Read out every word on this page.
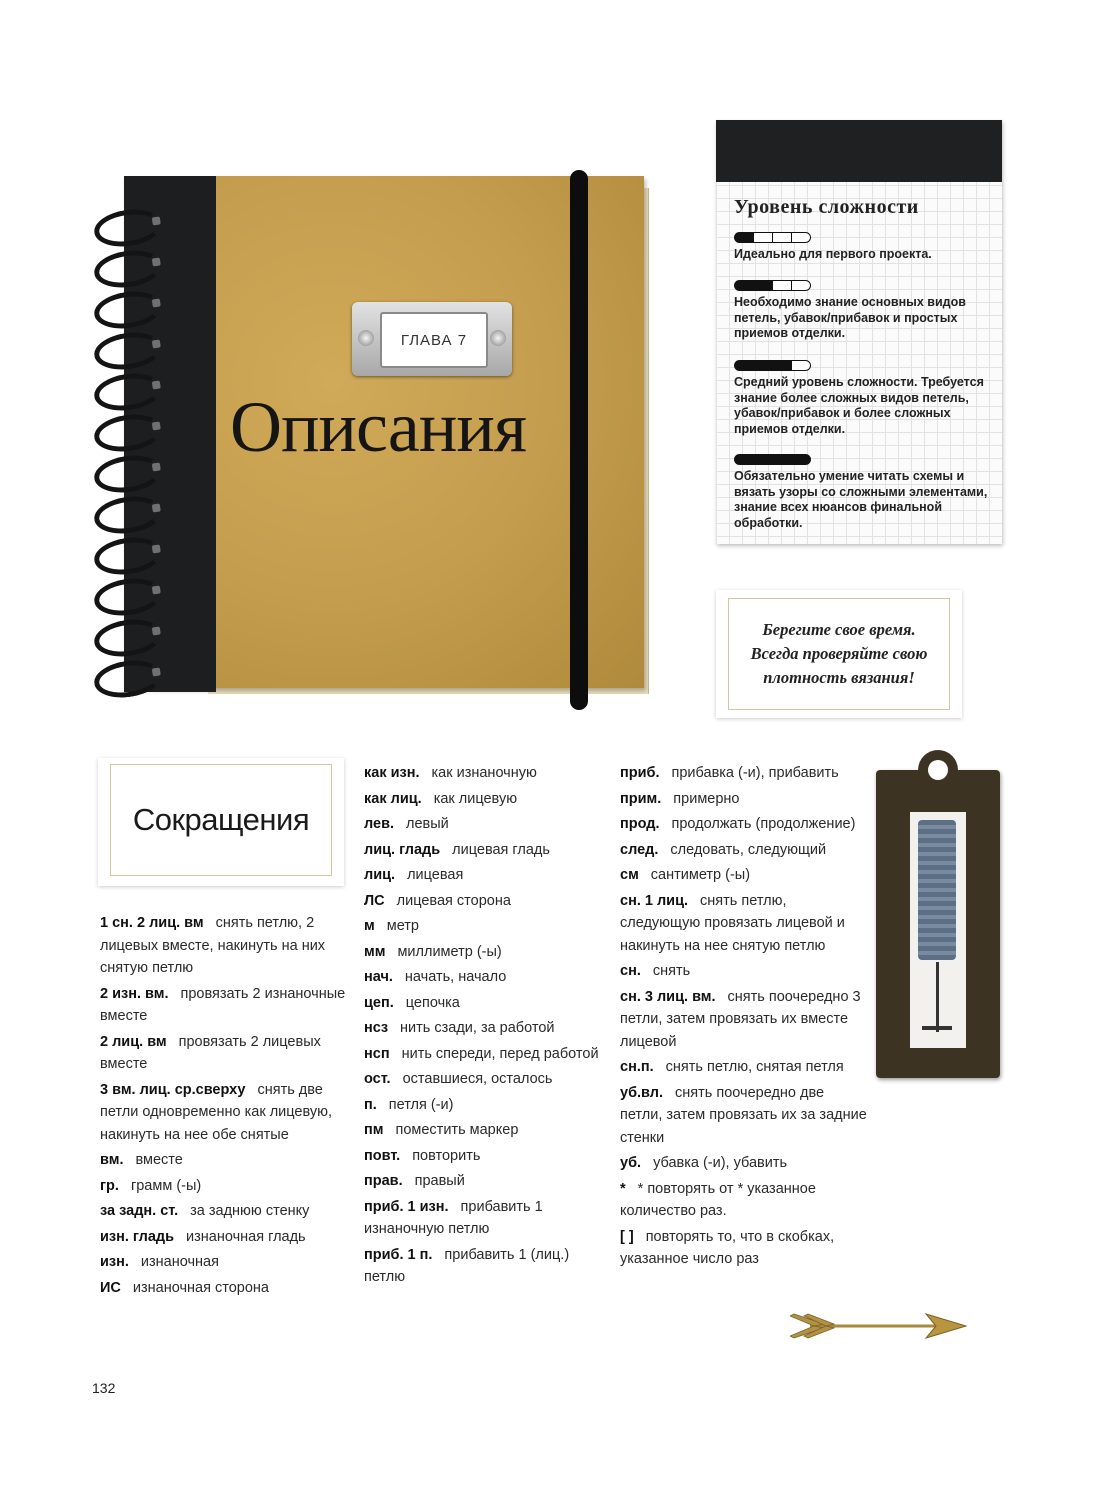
ГЛАВА 7
Описания
Уровень сложности
Идеально для первого проекта.
Необходимо знание основных видов петель, убавок/прибавок и простых приемов отделки.
Средний уровень сложности. Требуется знание более сложных видов петель, убавок/прибавок и более сложных приемов отделки.
Обязательно умение читать схемы и вязать узоры со сложными элементами, знание всех нюансов финальной обработки.
Берегите свое время. Всегда проверяйте свою плотность вязания!
Сокращения
1 сн. 2 лиц. вм снять петлю, 2 лицевых вместе, накинуть на них снятую петлю
2 изн. вм. провязать 2 изнаночные вместе
2 лиц. вм провязать 2 лицевых вместе
3 вм. лиц. ср.сверху снять две петли одновременно как лицевую, накинуть на нее обе снятые
вм. вместе
гр. грамм (-ы)
за задн. ст. за заднюю стенку
изн. гладь изнаночная гладь
изн. изнаночная
ИС изнаночная сторона
как изн. как изнаночную
как лиц. как лицевую
лев. левый
лиц. гладь лицевая гладь
лиц. лицевая
ЛС лицевая сторона
м метр
мм миллиметр (-ы)
нач. начать, начало
цеп. цепочка
нсз нить сзади, за работой
нсп нить спереди, перед работой
ост. оставшиеся, осталось
п. петля (-и)
пм поместить маркер
повт. повторить
прав. правый
приб. 1 изн. прибавить 1 изнаночную петлю
приб. 1 п. прибавить 1 (лиц.) петлю
приб. прибавка (-и), прибавить
прим. примерно
прод. продолжать (продолжение)
след. следовать, следующий
см сантиметр (-ы)
сн. 1 лиц. снять петлю, следующую провязать лицевой и накинуть на нее снятую петлю
сн. снять
сн. 3 лиц. вм. снять поочередно 3 петли, затем провязать их вместе лицевой
сн.п. снять петлю, снятая петля
уб.вл. снять поочередно две петли, затем провязать их за задние стенки
уб. убавка (-и), убавить
* * повторять от * указанное количество раз.
[ ] повторять то, что в скобках, указанное число раз
132
